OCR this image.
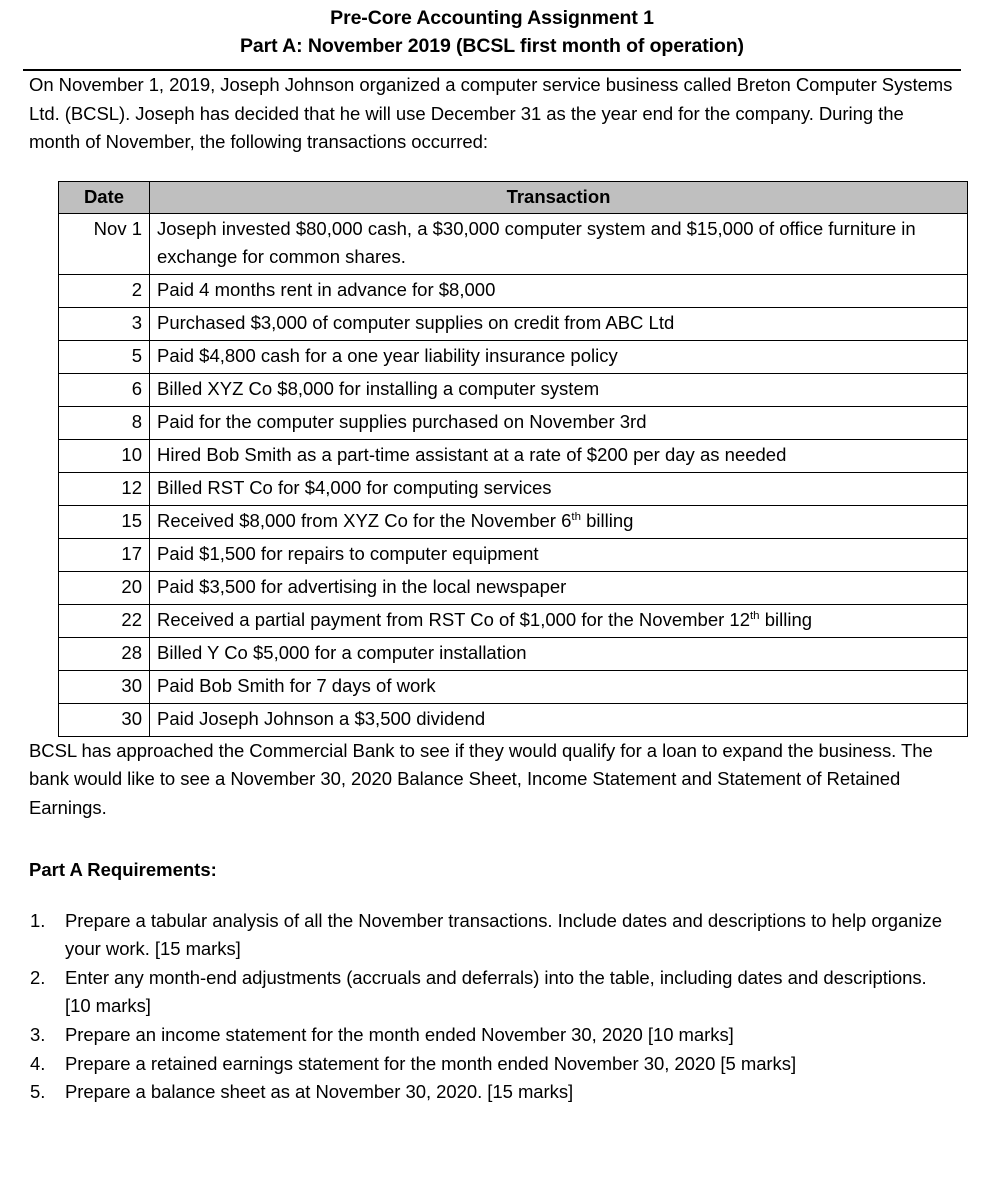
Pre-Core Accounting Assignment 1
Part A: November 2019 (BCSL first month of operation)

On November 1, 2019, Joseph Johnson organized a computer service business called Breton Computer Systems Ltd. (BCSL). Joseph has decided that he will use December 31 as the year end for the company. During the month of November, the following transactions occurred:

Date	Transaction
Nov 1	Joseph invested $80,000 cash, a $30,000 computer system and $15,000 of office furniture in exchange for common shares.
2	Paid 4 months rent in advance for $8,000
3	Purchased $3,000 of computer supplies on credit from ABC Ltd
5	Paid $4,800 cash for a one year liability insurance policy
6	Billed XYZ Co $8,000 for installing a computer system
8	Paid for the computer supplies purchased on November 3rd
10	Hired Bob Smith as a part-time assistant at a rate of $200 per day as needed
12	Billed RST Co for $4,000 for computing services
15	Received $8,000 from XYZ Co for the November 6th billing
17	Paid $1,500 for repairs to computer equipment
20	Paid $3,500 for advertising in the local newspaper
22	Received a partial payment from RST Co of $1,000 for the November 12th billing
28	Billed Y Co $5,000 for a computer installation
30	Paid Bob Smith for 7 days of work
30	Paid Joseph Johnson a $3,500 dividend

BCSL has approached the Commercial Bank to see if they would qualify for a loan to expand the business. The bank would like to see a November 30, 2020 Balance Sheet, Income Statement and Statement of Retained Earnings.

Part A Requirements:
1.	Prepare a tabular analysis of all the November transactions. Include dates and descriptions to help organize your work. [15 marks]
2.	Enter any month-end adjustments (accruals and deferrals) into the table, including dates and descriptions. [10 marks]
3.	Prepare an income statement for the month ended November 30, 2020 [10 marks]
4.	Prepare a retained earnings statement for the month ended November 30, 2020 [5 marks]
5.	Prepare a balance sheet as at November 30, 2020. [15 marks]
